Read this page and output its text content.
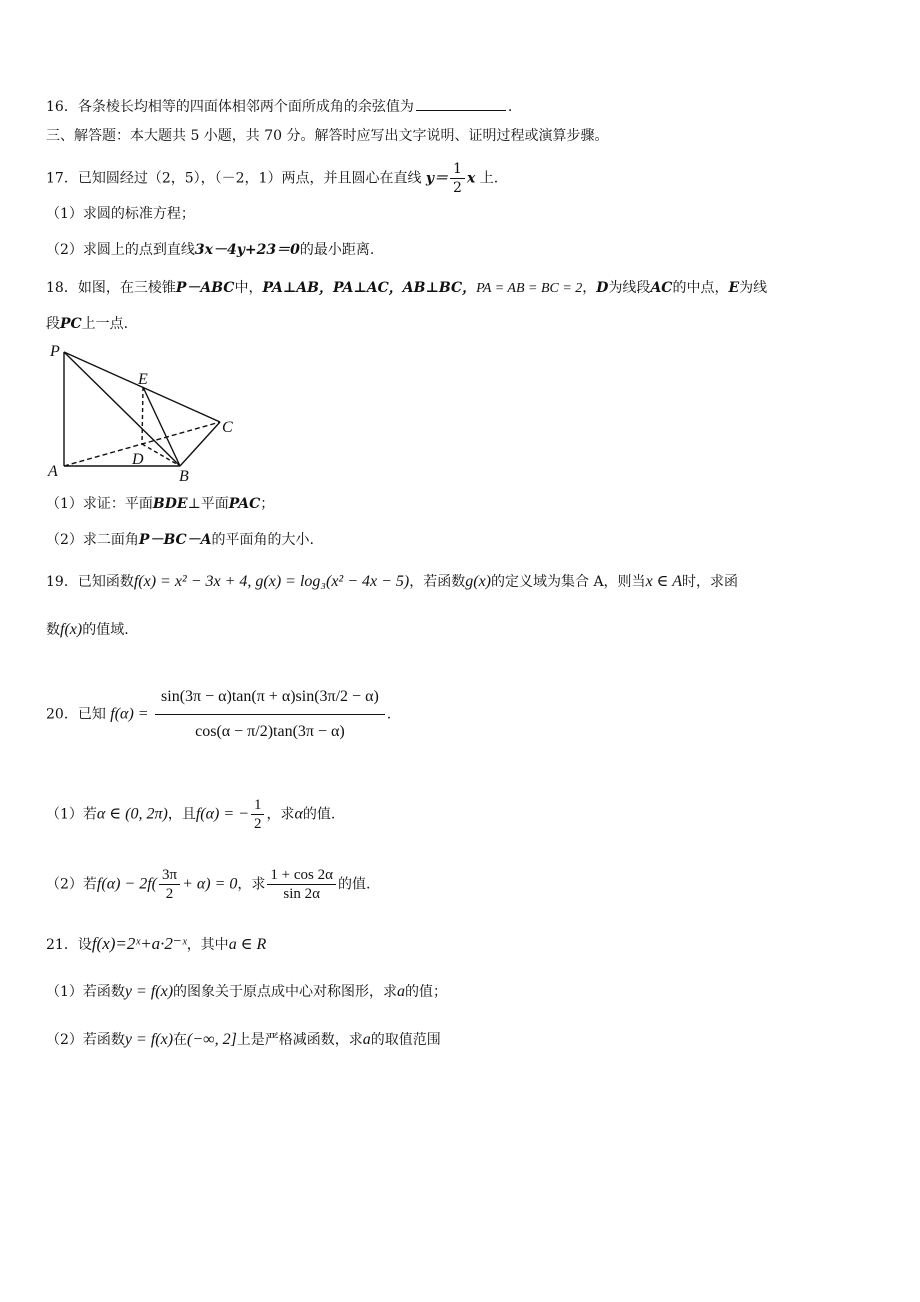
16．各条棱长均相等的四面体相邻两个面所成角的余弦值为	.
三、解答题：本大题共 5 小题，共 70 分。解答时应写出文字说明、证明过程或演算步骤。
17．已知圆经过（2，5），（－2，1）两点，并且圆心在直线 $y= \frac{1}{2}$ x 上.
（1）求圆的标准方程；
（2）求圆上的点到直线3x－4y+23＝0的最小距离.
18．如图，在三棱锥P－ABC中，PA⊥AB，PA⊥AC，AB⊥BC，PA = AB = BC = 2，D为线段AC的中点，E为线
段PC上一点.
P
E
C
D
A	B
（1）求证：平面BDE⊥平面PAC；
（2）求二面角P－BC－A的平面角的大小.
19．已知函数f(x) = x² − 3x + 4, g(x) = log₃(x² − 4x − 5)，若函数g(x)的定义域为集合 A，则当x ∈ A时，求函
数f(x)的值域.
20．已知 $f(\alpha) = \frac{\sin(3\pi - \alpha)\tan(\pi + \alpha)\sin(3\pi/2 - \alpha)}{\cos(\alpha - \pi/2)\tan(3\pi - \alpha)}$ .
（1）若α ∈ (0, 2π)，且f(α) = − $\frac{1}{2}$ ，求α的值.
（2）若$f(\alpha) - 2f( \frac{3\pi}{2} + \alpha) = 0$，求 $\frac{1 + \cos 2\alpha}{\sin 2\alpha}$ 的值.
21．设f(x)=2ˣ+a·2⁻ˣ，其中a ∈ R
（1）若函数y = f(x)的图象关于原点成中心对称图形，求a的值；
（2）若函数y = f(x)在(−∞, 2]上是严格减函数，求a的取值范围
